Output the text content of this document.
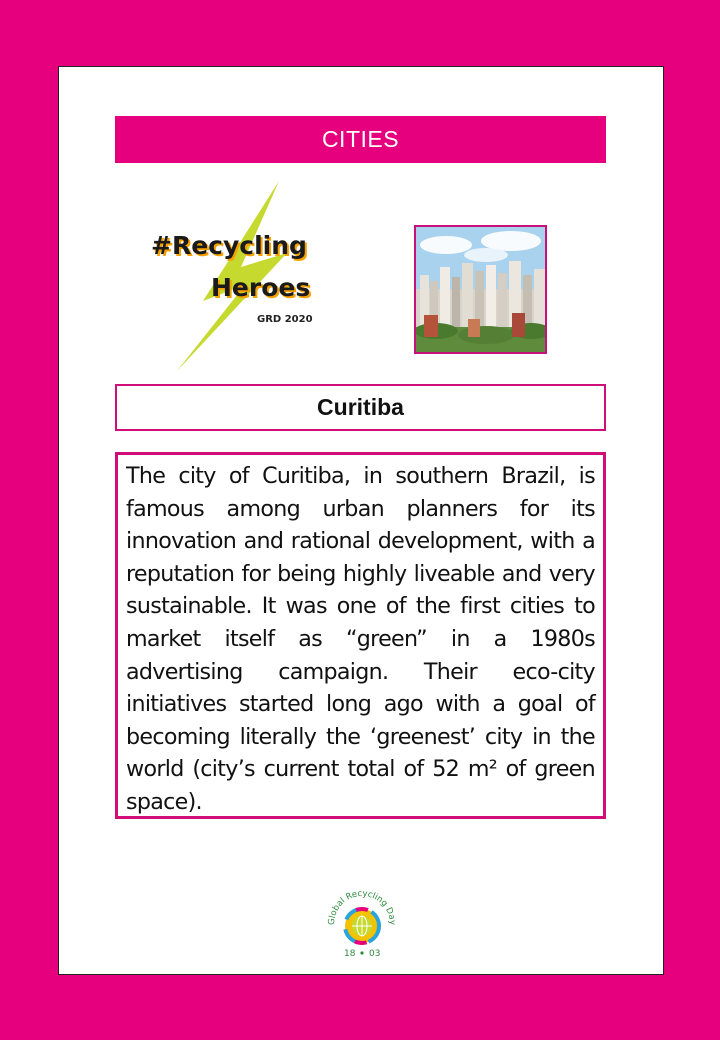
CITIES
#Recycling
Heroes
GRD 2020
Curitiba
The city of Curitiba, in southern Brazil, is famous among urban planners for its innovation and rational development, with a reputation for being highly liveable and very sustainable. It was one of the first cities to market itself as “green” in a 1980s advertising campaign. Their eco-city initiatives started long ago with a goal of becoming literally the ‘greenest’ city in the world (city’s current total of 52 m² of green space).
Global Recycling Day
18 03
